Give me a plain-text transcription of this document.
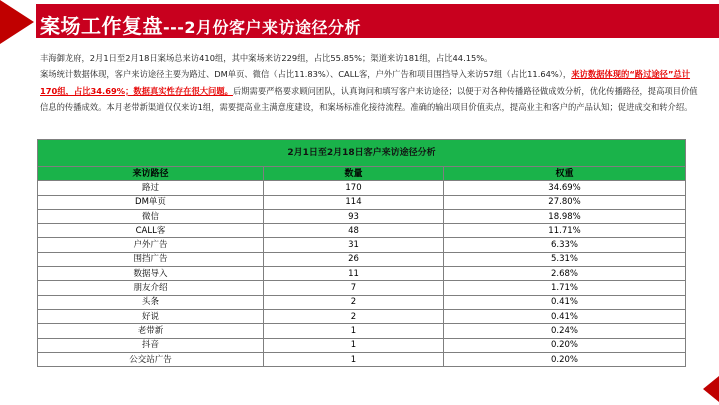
案场工作复盘---2月份客户来访途径分析
丰海御龙府，2月1日至2月18日案场总来访410组，其中案场来访229组，占比55.85%；渠道来访181组，占比44.15%。
案场统计数据体现，客户来访途径主要为路过、DM单页、微信（占比11.83%）、CALL客，户外广告和项目围挡导入来访57组（占比11.64%），来访数据体现的“路过途径”总计170组，占比34.69%；数据真实性存在很大问题。后期需要严格要求顾问团队，认真询问和填写客户来访途径；以便于对各种传播路径做成效分析，优化传播路径，提高项目价值信息的传播成效。本月老带新渠道仅仅来访1组，需要提高业主满意度建设，和案场标准化接待流程。准确的输出项目价值卖点，提高业主和客户的产品认知；促进成交和转介绍。
2月1日至2月18日客户来访途径分析		
来访路径	数量	权重
路过	170	34.69%
DM单页	114	27.80%
微信	93	18.98%
CALL客	48	11.71%
户外广告	31	6.33%
围挡广告	26	5.31%
数据导入	11	2.68%
朋友介绍	7	1.71%
头条	2	0.41%
好说	2	0.41%
老带新	1	0.24%
抖音	1	0.20%
公交站广告	1	0.20%
